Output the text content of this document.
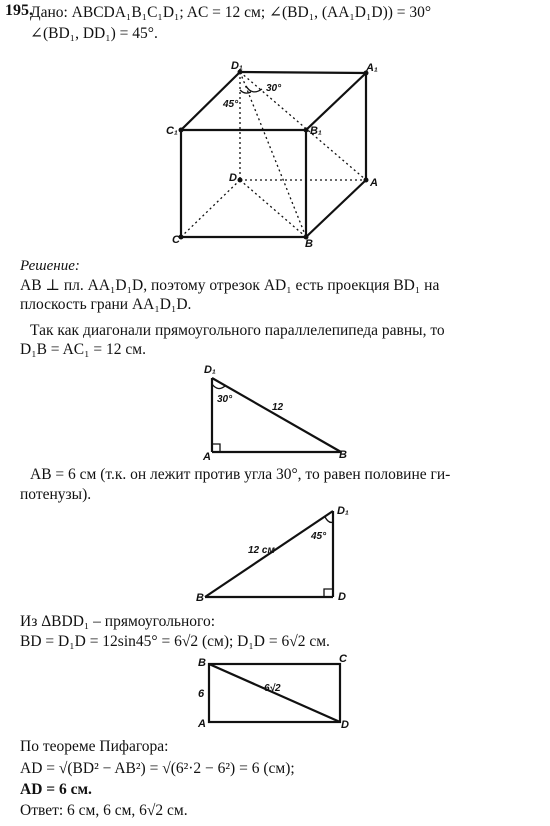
195.
Дано: ABCDA₁B₁C₁D₁; AC = 12 см; ∠(BD₁, (AA₁D₁D)) = 30°
∠(BD₁, DD₁) = 45°.
D₁	A₁
C₁	B₁
D	A
C	B
30°
45°
D₁
A	B
30°
12
D₁
B	D
45°
12 см
B	C
A	D
6	6√2
Решение:
AB ⊥ пл. AA₁D₁D, поэтому отрезок AD₁ есть проекция BD₁ на
плоскость грани AA₁D₁D.
Так как диагонали прямоугольного параллелепипеда равны, то
D₁B = AC₁ = 12 см.
AB = 6 см (т.к. он лежит против угла 30°, то равен половине ги-
потенузы).
Из ΔBDD₁ – прямоугольного:
BD = D₁D = 12sin45° = 6√2 (см); D₁D = 6√2 см.
По теореме Пифагора:
AD = √(BD² − AB²) = √(6²·2 − 6²) = 6 (см);
AD = 6 см.
Ответ: 6 см, 6 см, 6√2 см.
